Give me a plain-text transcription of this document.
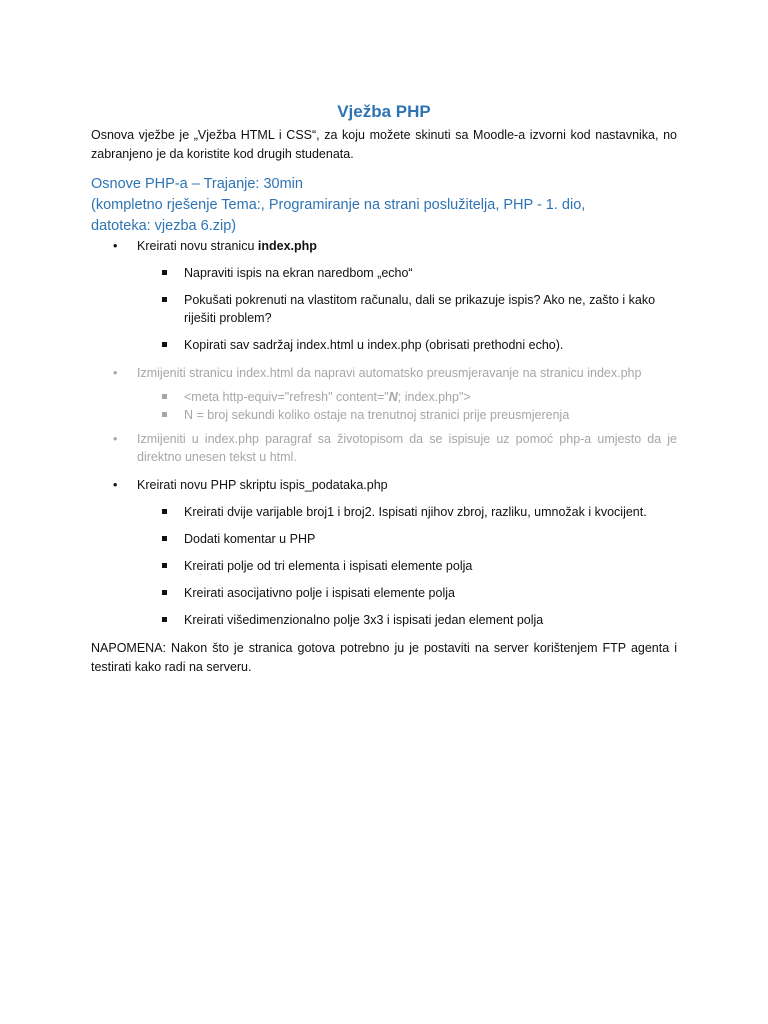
Vježba PHP

Osnova vježbe je „Vježba HTML i CSS“, za koju možete skinuti sa Moodle-a izvorni kod nastavnika, no zabranjeno je da koristite kod drugih studenata.

Osnove PHP-a – Trajanje: 30min
(kompletno rješenje Tema:, Programiranje na strani poslužitelja, PHP - 1. dio,
datoteka: vjezba 6.zip)
• Kreirati novu stranicu index.php
Napraviti ispis na ekran naredbom „echo“
Pokušati pokrenuti na vlastitom računalu, dali se prikazuje ispis? Ako ne, zašto i kako riješiti problem?
Kopirati sav sadržaj index.html u index.php (obrisati prethodni echo).
• Izmijeniti stranicu index.html da napravi automatsko preusmjeravanje na stranicu index.php
<meta http-equiv="refresh" content="N; index.php">
N = broj sekundi koliko ostaje na trenutnoj stranici prije preusmjerenja
• Izmijeniti u index.php paragraf sa životopisom da se ispisuje uz pomoć php-a umjesto da je direktno unesen tekst u html.
• Kreirati novu PHP skriptu ispis_podataka.php
Kreirati dvije varijable broj1 i broj2. Ispisati njihov zbroj, razliku, umnožak i kvocijent.
Dodati komentar u PHP
Kreirati polje od tri elementa i ispisati elemente polja
Kreirati asocijativno polje i ispisati elemente polja
Kreirati višedimenzionalno polje 3x3 i ispisati jedan element polja

NAPOMENA: Nakon što je stranica gotova potrebno ju je postaviti na server korištenjem FTP agenta i testirati kako radi na serveru.
